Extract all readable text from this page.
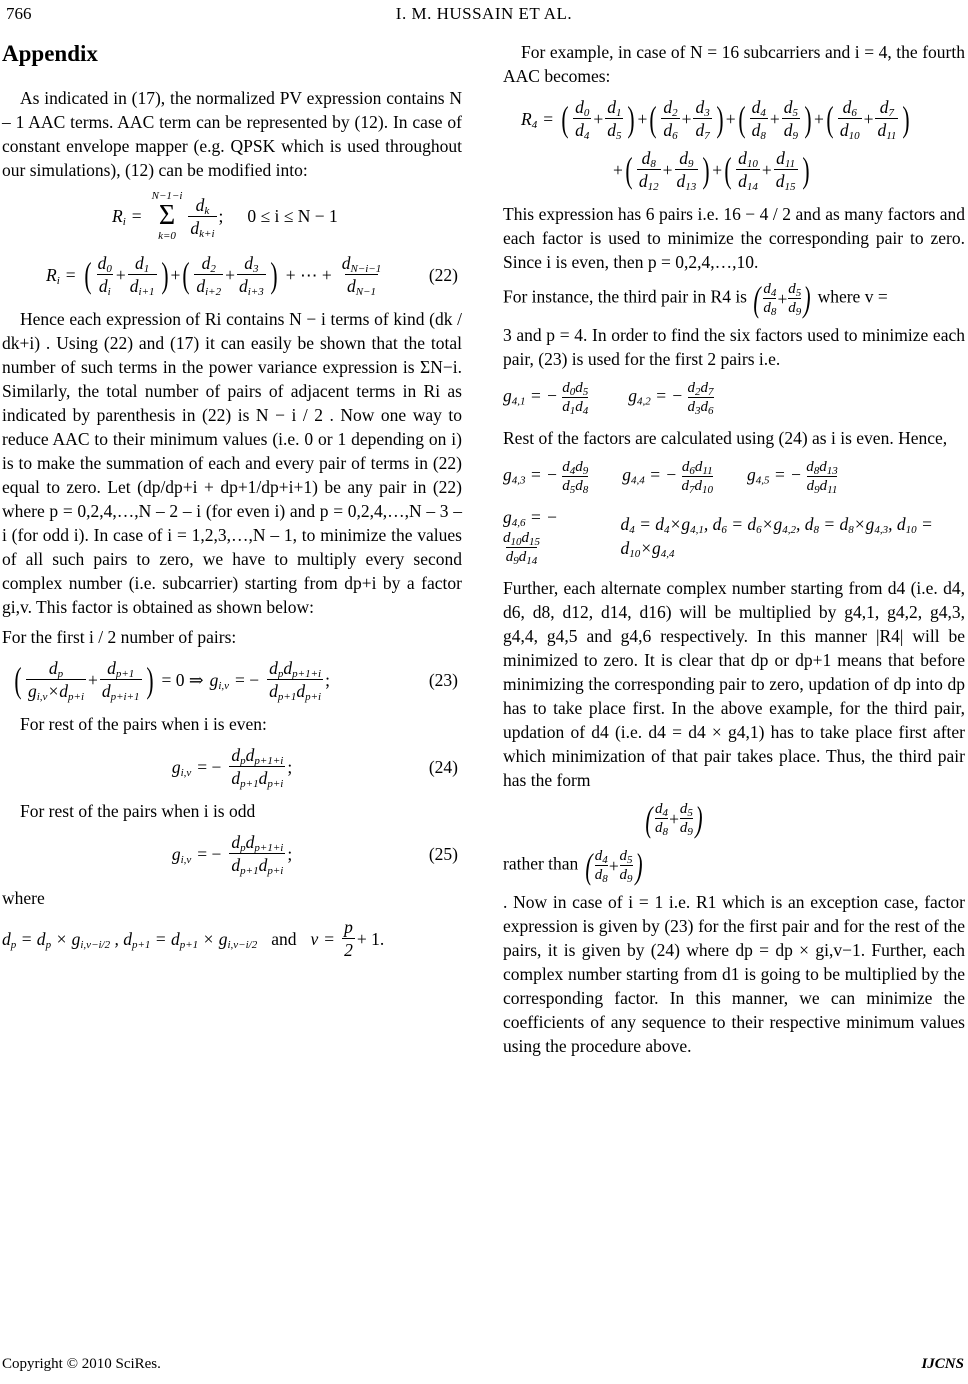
766	I. M. HUSSAIN ET AL.
Appendix

As indicated in (17), the normalized PV expression contains N – 1 AAC terms. AAC term can be represented by (12). In case of constant envelope mapper (e.g. QPSK which is used throughout our simulations), (12) can be modified into:

$R_i$ =
N−1−i
Σ
$k=0 \frac{d_k}{d_{k+i}}$ ; 0 ≤ i ≤ N − 1
$R_i$ = ( $\frac{d_0}{d_i} + \frac{d_1}{d_{i+1}}$ ) + ( $\frac{d_2}{d_{i+2}} + \frac{d_3}{d_{i+3}}$ ) + ⋯ + $\frac{d_{N-i-1}}{d_{N-1}}$	(22)

Hence each expression of Ri contains N − i terms of kind (dk / dk+i) . Using (22) and (17) it can easily be shown that the total number of such terms in the power variance expression is ΣN−i. Similarly, the total number of pairs of adjacent terms in Ri as indicated by parenthesis in (22) is N − i / 2 . Now one way to reduce AAC to their minimum values (i.e. 0 or 1 depending on i) is to make the summation of each and every pair of terms in (22) equal to zero. Let (dp/dp+i + dp+1/dp+i+1) be any pair in (22) where p = 0,2,4,…,N – 2 – i (for even i) and p = 0,2,4,…,N – 3 – i (for odd i). In case of i = 1,2,3,…,N – 1, to minimize the values of all such pairs to zero, we have to multiply every second complex number (i.e. subcarrier) starting from dp+i by a factor gi,v. This factor is obtained as shown below:

For the first i / 2 number of pairs:

( $\frac{d_p}{g_{i,v}\times d_{p+i}} + \frac{d_{p+1}}{d_{p+i+1}}$ ) = 0 ⇒ $g_{i,v}$ = − $\frac{d_pd_{p+1+i}}{d_{p+1}d_{p+i}}$ ;	(23)

For rest of the pairs when i is even:

$g_{i,v}$ = − $\frac{d_pd_{p+1+i}}{d_{p+1}d_{p+i}}$ ;	(24)

For rest of the pairs when i is odd

$g_{i,v}$ = − $\frac{d_pd_{p+1+i}}{d_{p+1}d_{p+i}}$ ;	(25)

where

$d_p = d_p \times g_{i,v-i/2}$ , $d_{p+1} = d_{p+1} \times g_{i,v-i/2}$ and $v = \frac{p}{2} + 1$.

For example, in case of N = 16 subcarriers and i = 4, the fourth AAC becomes:

$R_4$ = ( $\frac{d_0}{d_4} + \frac{d_1}{d_5}$ ) + ( $\frac{d_2}{d_6} + \frac{d_3}{d_7}$ ) + ( $\frac{d_4}{d_8} + \frac{d_5}{d_9}$ ) + ( $\frac{d_6}{d_{10}} + \frac{d_7}{d_{11}}$ )
+ ( $\frac{d_8}{d_{12}} + \frac{d_9}{d_{13}}$ ) + ( $\frac{d_{10}}{d_{14}} + \frac{d_{11}}{d_{15}}$ )

This expression has 6 pairs i.e. 16 − 4 / 2 and as many factors and each factor is used to minimize the corresponding pair to zero. Since i is even, then p = 0,2,4,…,10.

For instance, the third pair in R4 is ( $\frac{d_4}{d_8} + \frac{d_5}{d_9}$ ) where v =

3 and p = 4. In order to find the six factors used to minimize each pair, (23) is used for the first 2 pairs i.e.

$g_{4,1}$ = − $\frac{d_0d_5}{d_1d_4} g_{4,2}$ = − $\frac{d_2d_7}{d_3d_6}$

Rest of the factors are calculated using (24) as i is even. Hence,

$g_{4,3}$ = − $\frac{d_4d_9}{d_5d_8} g_{4,4}$ = − $\frac{d_6d_{11}}{d_7d_{10}} g_{4,5}$ = − $\frac{d_8d_{13}}{d_9d_{11}}$
$g_{4,6}$ = −
$\frac{d_{10}d_{15}}{d_9d_{14}}$
$d_4 = d_4\times g_{4,1}$, $d_6 = d_6\times g_{4,2}$, $d_8 = d_8\times g_{4,3}$, $d_{10} = d_{10}\times g_{4,4}$

Further, each alternate complex number starting from d4 (i.e. d4, d6, d8, d12, d14, d16) will be multiplied by g4,1, g4,2, g4,3, g4,4, g4,5 and g4,6 respectively. In this manner |R4| will be minimized to zero. It is clear that dp or dp+1 means that before minimizing the corresponding pair to zero, updation of dp into dp has to take place first. In the above example, for the third pair, updation of d4 (i.e. d4 = d4 × g4,1) has to take place first after which minimization of that pair takes place. Thus, the third pair has the form

( $\frac{d_4}{d_8} + \frac{d_5}{d_9}$ )

rather than ( $\frac{d_4}{d_8} + \frac{d_5}{d_9}$ )

. Now in case of i = 1 i.e. R1 which is an exception case, factor expression is given by (23) for the first pair and for the rest of the pairs, it is given by (24) where dp = dp × gi,v−1. Further, each complex number starting from d1 is going to be multiplied by the corresponding factor. In this manner, we can minimize the coefficients of any sequence to their respective minimum values using the procedure above.

Copyright © 2010 SciRes.	IJCNS
